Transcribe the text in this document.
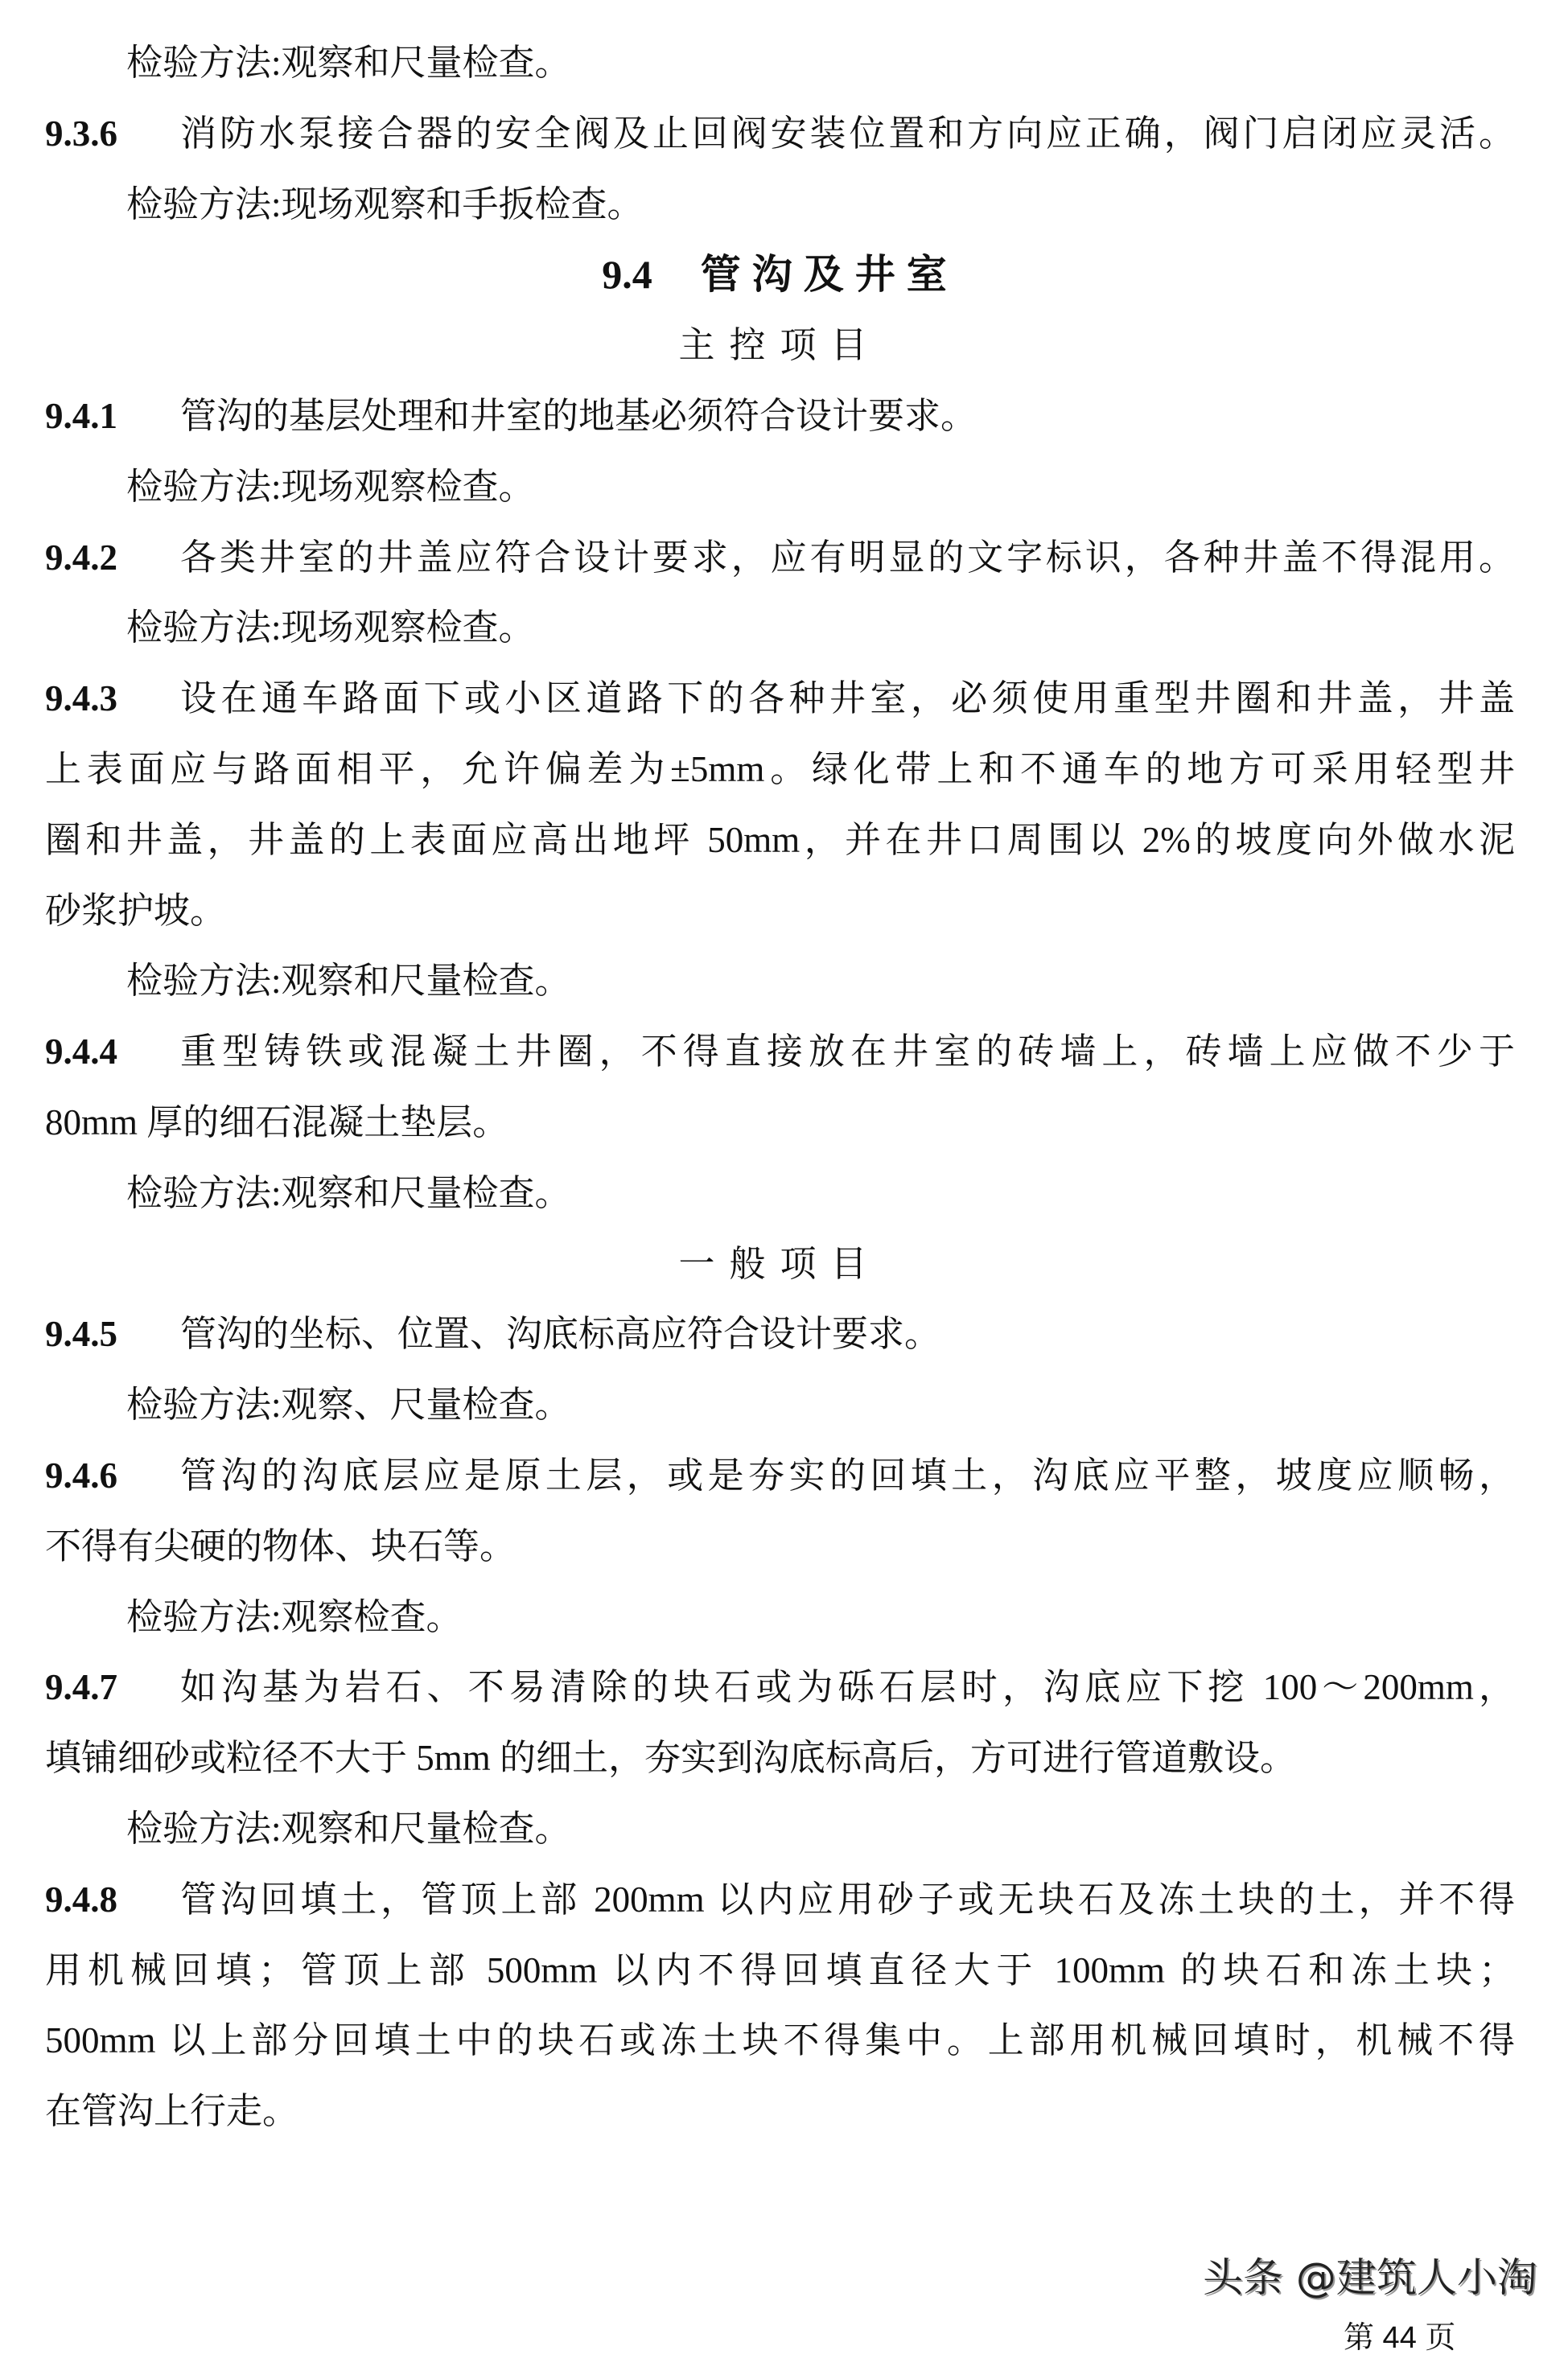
检验方法:观察和尺量检查。
9.3.6	消防水泵接合器的安全阀及止回阀安装位置和方向应正确，阀门启闭应灵活。
检验方法:现场观察和手扳检查。
9.4 管沟及井室
主控项目
9.4.1	管沟的基层处理和井室的地基必须符合设计要求。
检验方法:现场观察检查。
9.4.2	各类井室的井盖应符合设计要求，应有明显的文字标识，各种井盖不得混用。
检验方法:现场观察检查。
9.4.3	设在通车路面下或小区道路下的各种井室，必须使用重型井圈和井盖，井盖
上表面应与路面相平，允许偏差为±5mm。绿化带上和不通车的地方可采用轻型井
圈和井盖，井盖的上表面应高出地坪 50mm，并在井口周围以 2%的坡度向外做水泥
砂浆护坡。
检验方法:观察和尺量检查。
9.4.4	重型铸铁或混凝土井圈，不得直接放在井室的砖墙上，砖墙上应做不少于
80mm 厚的细石混凝土垫层。
检验方法:观察和尺量检查。
一般项目
9.4.5	管沟的坐标、位置、沟底标高应符合设计要求。
检验方法:观察、尺量检查。
9.4.6	管沟的沟底层应是原土层，或是夯实的回填土，沟底应平整，坡度应顺畅，
不得有尖硬的物体、块石等。
检验方法:观察检查。
9.4.7	如沟基为岩石、不易清除的块石或为砾石层时，沟底应下挖 100～200mm，
填铺细砂或粒径不大于 5mm 的细土，夯实到沟底标高后，方可进行管道敷设。
检验方法:观察和尺量检查。
9.4.8	管沟回填土，管顶上部 200mm 以内应用砂子或无块石及冻土块的土，并不得
用机械回填；管顶上部 500mm 以内不得回填直径大于 100mm 的块石和冻土块；
500mm 以上部分回填土中的块石或冻土块不得集中。上部用机械回填时，机械不得
在管沟上行走。
头条 @建筑人小淘
第 44 页
